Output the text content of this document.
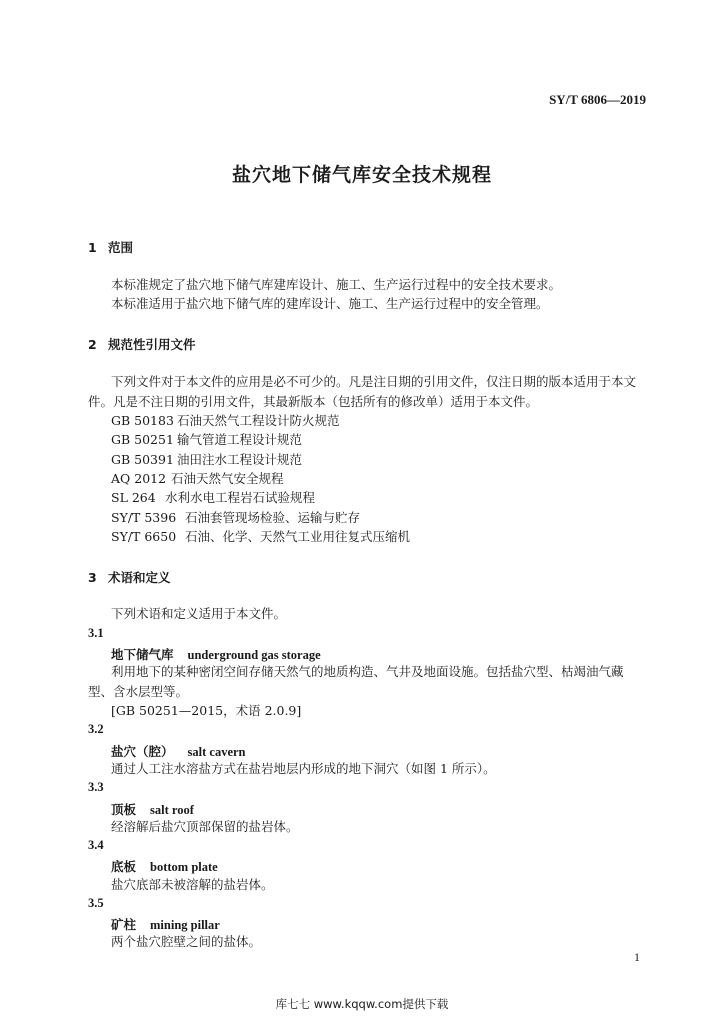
SY/T 6806—2019
盐穴地下储气库安全技术规程
1 范围
本标准规定了盐穴地下储气库建库设计、施工、生产运行过程中的安全技术要求。
本标准适用于盐穴地下储气库的建库设计、施工、生产运行过程中的安全管理。
2 规范性引用文件
下列文件对于本文件的应用是必不可少的。凡是注日期的引用文件，仅注日期的版本适用于本文
件。凡是不注日期的引用文件，其最新版本（包括所有的修改单）适用于本文件。
GB 50183 石油天然气工程设计防火规范
GB 50251 输气管道工程设计规范
GB 50391 油田注水工程设计规范
AQ 2012 石油天然气安全规程
SL 264 水利水电工程岩石试验规程
SY/T 5396 石油套管现场检验、运输与贮存
SY/T 6650 石油、化学、天然气工业用往复式压缩机
3 术语和定义
下列术语和定义适用于本文件。
3.1
地下储气库 underground gas storage
利用地下的某种密闭空间存储天然气的地质构造、气井及地面设施。包括盐穴型、枯竭油气藏
型、含水层型等。
[GB 50251—2015，术语 2.0.9]
3.2
盐穴（腔） salt cavern
通过人工注水溶盐方式在盐岩地层内形成的地下洞穴（如图 1 所示）。
3.3
顶板 salt roof
经溶解后盐穴顶部保留的盐岩体。
3.4
底板 bottom plate
盐穴底部未被溶解的盐岩体。
3.5
矿柱 mining pillar
两个盐穴腔壁之间的盐体。
1
库七七 www.kqqw.com提供下载
